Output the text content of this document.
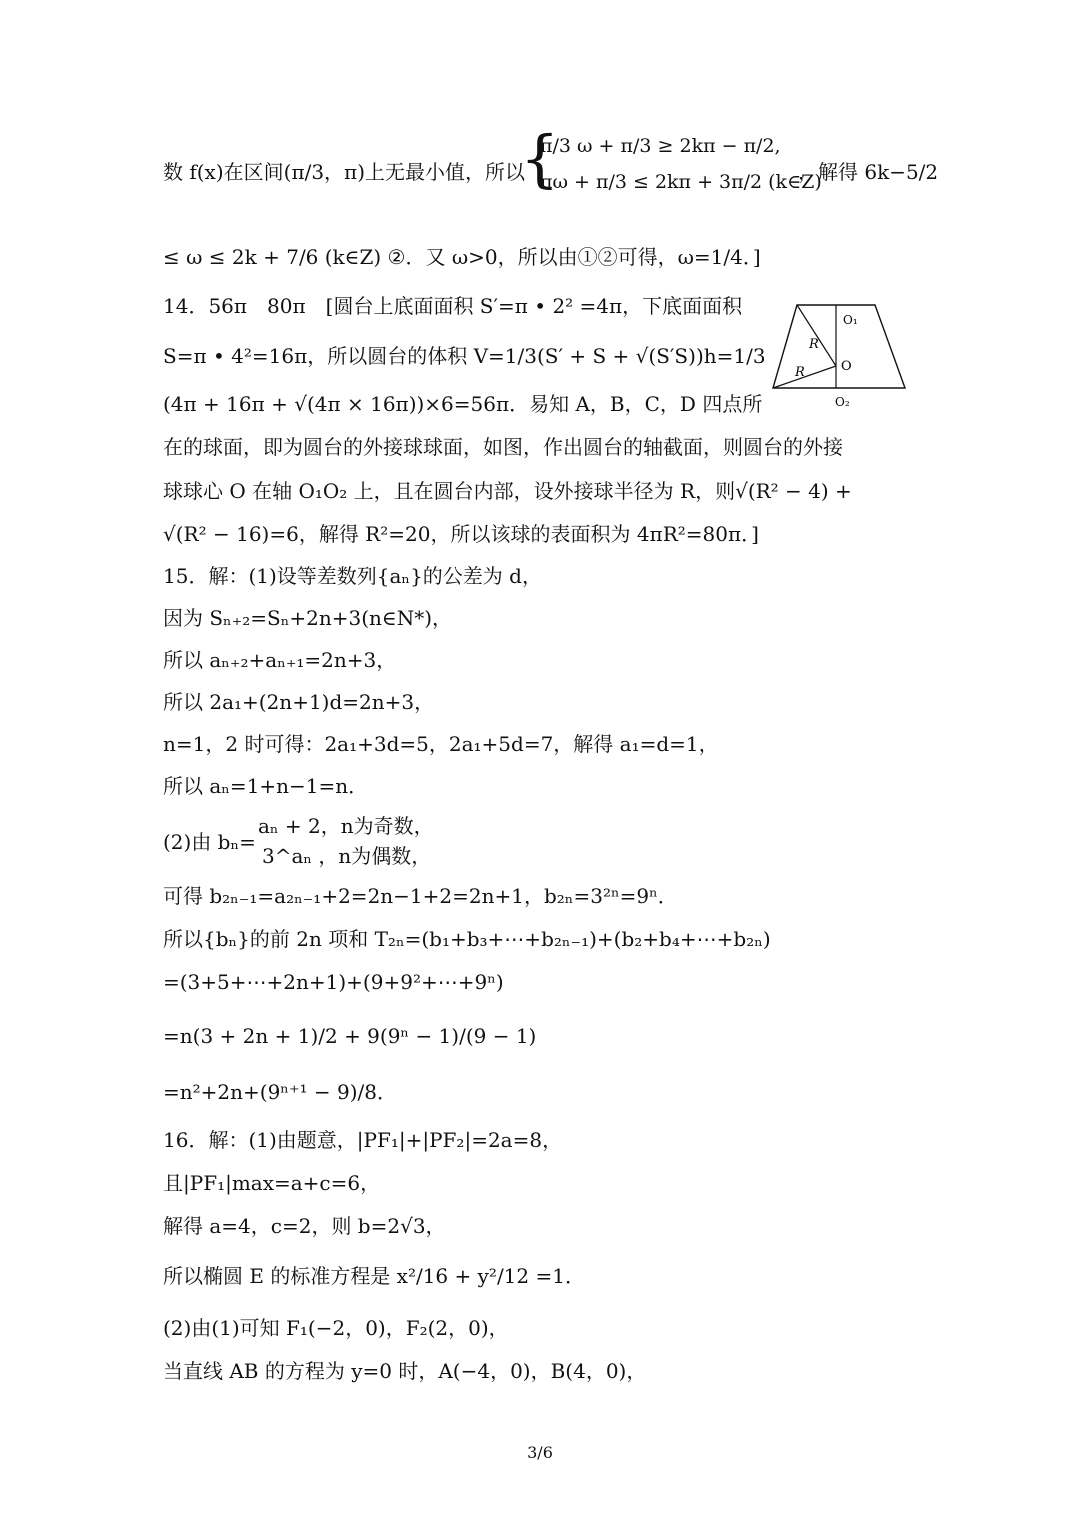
数 f(x)在区间(π/3，π)上无最小值，所以
{
π/3 ω + π/3 ≥ 2kπ − π/2,
πω + π/3 ≤ 2kπ + 3π/2 (k∈Z)
，解得 6k−5/2
≤ ω ≤ 2k + 7/6 (k∈Z) ②．又 ω>0，所以由①②可得，ω=1/4．]
14．56π　80π　[圆台上底面面积 S′=π • 2² =4π，下底面面积
S=π • 4²=16π，所以圆台的体积 V=1/3(S′ + S + √(S′S))h=1/3
(4π + 16π + √(4π × 16π))×6=56π．易知 A，B，C，D 四点所
在的球面，即为圆台的外接球球面，如图，作出圆台的轴截面，则圆台的外接
球球心 O 在轴 O₁O₂ 上，且在圆台内部，设外接球半径为 R，则√(R² − 4) +
√(R² − 16)=6，解得 R²=20，所以该球的表面积为 4πR²=80π．]
O₁
O
O₂
R
R
15．解：(1)设等差数列{aₙ}的公差为 d，
因为 Sₙ₊₂=Sₙ+2n+3(n∈N*)，
所以 aₙ₊₂+aₙ₊₁=2n+3，
所以 2a₁+(2n+1)d=2n+3，
n=1，2 时可得：2a₁+3d=5，2a₁+5d=7，解得 a₁=d=1，
所以 aₙ=1+n−1=n．
(2)由 bₙ=
aₙ + 2，n为奇数，
3^aₙ ，n为偶数，
可得 b₂ₙ₋₁=a₂ₙ₋₁+2=2n−1+2=2n+1，b₂ₙ=3²ⁿ=9ⁿ．
所以{bₙ}的前 2n 项和 T₂ₙ=(b₁+b₃+⋯+b₂ₙ₋₁)+(b₂+b₄+⋯+b₂ₙ)
=(3+5+⋯+2n+1)+(9+9²+⋯+9ⁿ)
=n(3 + 2n + 1)/2 + 9(9ⁿ − 1)/(9 − 1)
=n²+2n+(9ⁿ⁺¹ − 9)/8．
16．解：(1)由题意，|PF₁|+|PF₂|=2a=8，
且|PF₁|max=a+c=6，
解得 a=4，c=2，则 b=2√3，
所以椭圆 E 的标准方程是 x²/16 + y²/12 =1．
(2)由(1)可知 F₁(−2，0)，F₂(2，0)，
当直线 AB 的方程为 y=0 时，A(−4，0)，B(4，0)，
3/6
